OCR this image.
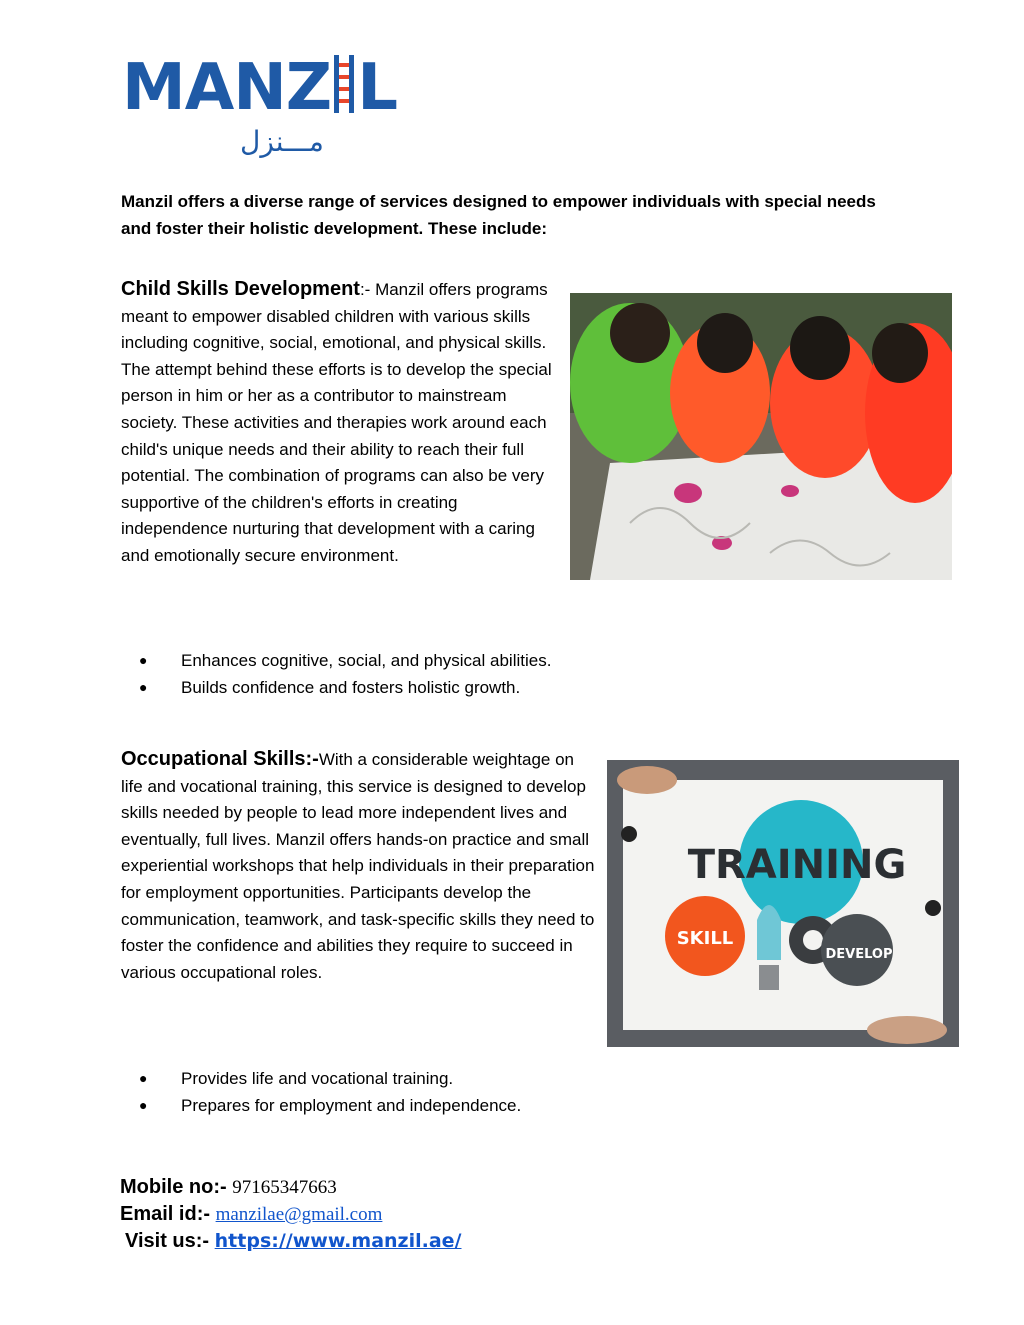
MANZ L
مـــنزل
Manzil offers a diverse range of services designed to empower individuals with special needs and foster their holistic development. These include:
Child Skills Development:- Manzil offers programs meant to empower disabled children with various skills including cognitive, social, emotional, and physical skills. The attempt behind these efforts is to develop the special person in him or her as a contributor to mainstream society. These activities and therapies work around each child's unique needs and their ability to reach their full potential. The combination of programs can also be very supportive of the children's efforts in creating independence nurturing that development with a caring and emotionally secure environment.
● Enhances cognitive, social, and physical abilities.
● Builds confidence and fosters holistic growth.
Occupational Skills:-With a considerable weightage on life and vocational training, this service is designed to develop skills needed by people to lead more independent lives and eventually, full lives. Manzil offers hands-on practice and small experiential workshops that help individuals in their preparation for employment opportunities. Participants develop the communication, teamwork, and task-specific skills they need to foster the confidence and abilities they require to succeed in various occupational roles.
TRAINING
SKILL
DEVELOP
● Provides life and vocational training.
● Prepares for employment and independence.
Mobile no:- 97165347663
Email id:- manzilae@gmail.com
Visit us:- https://www.manzil.ae/
